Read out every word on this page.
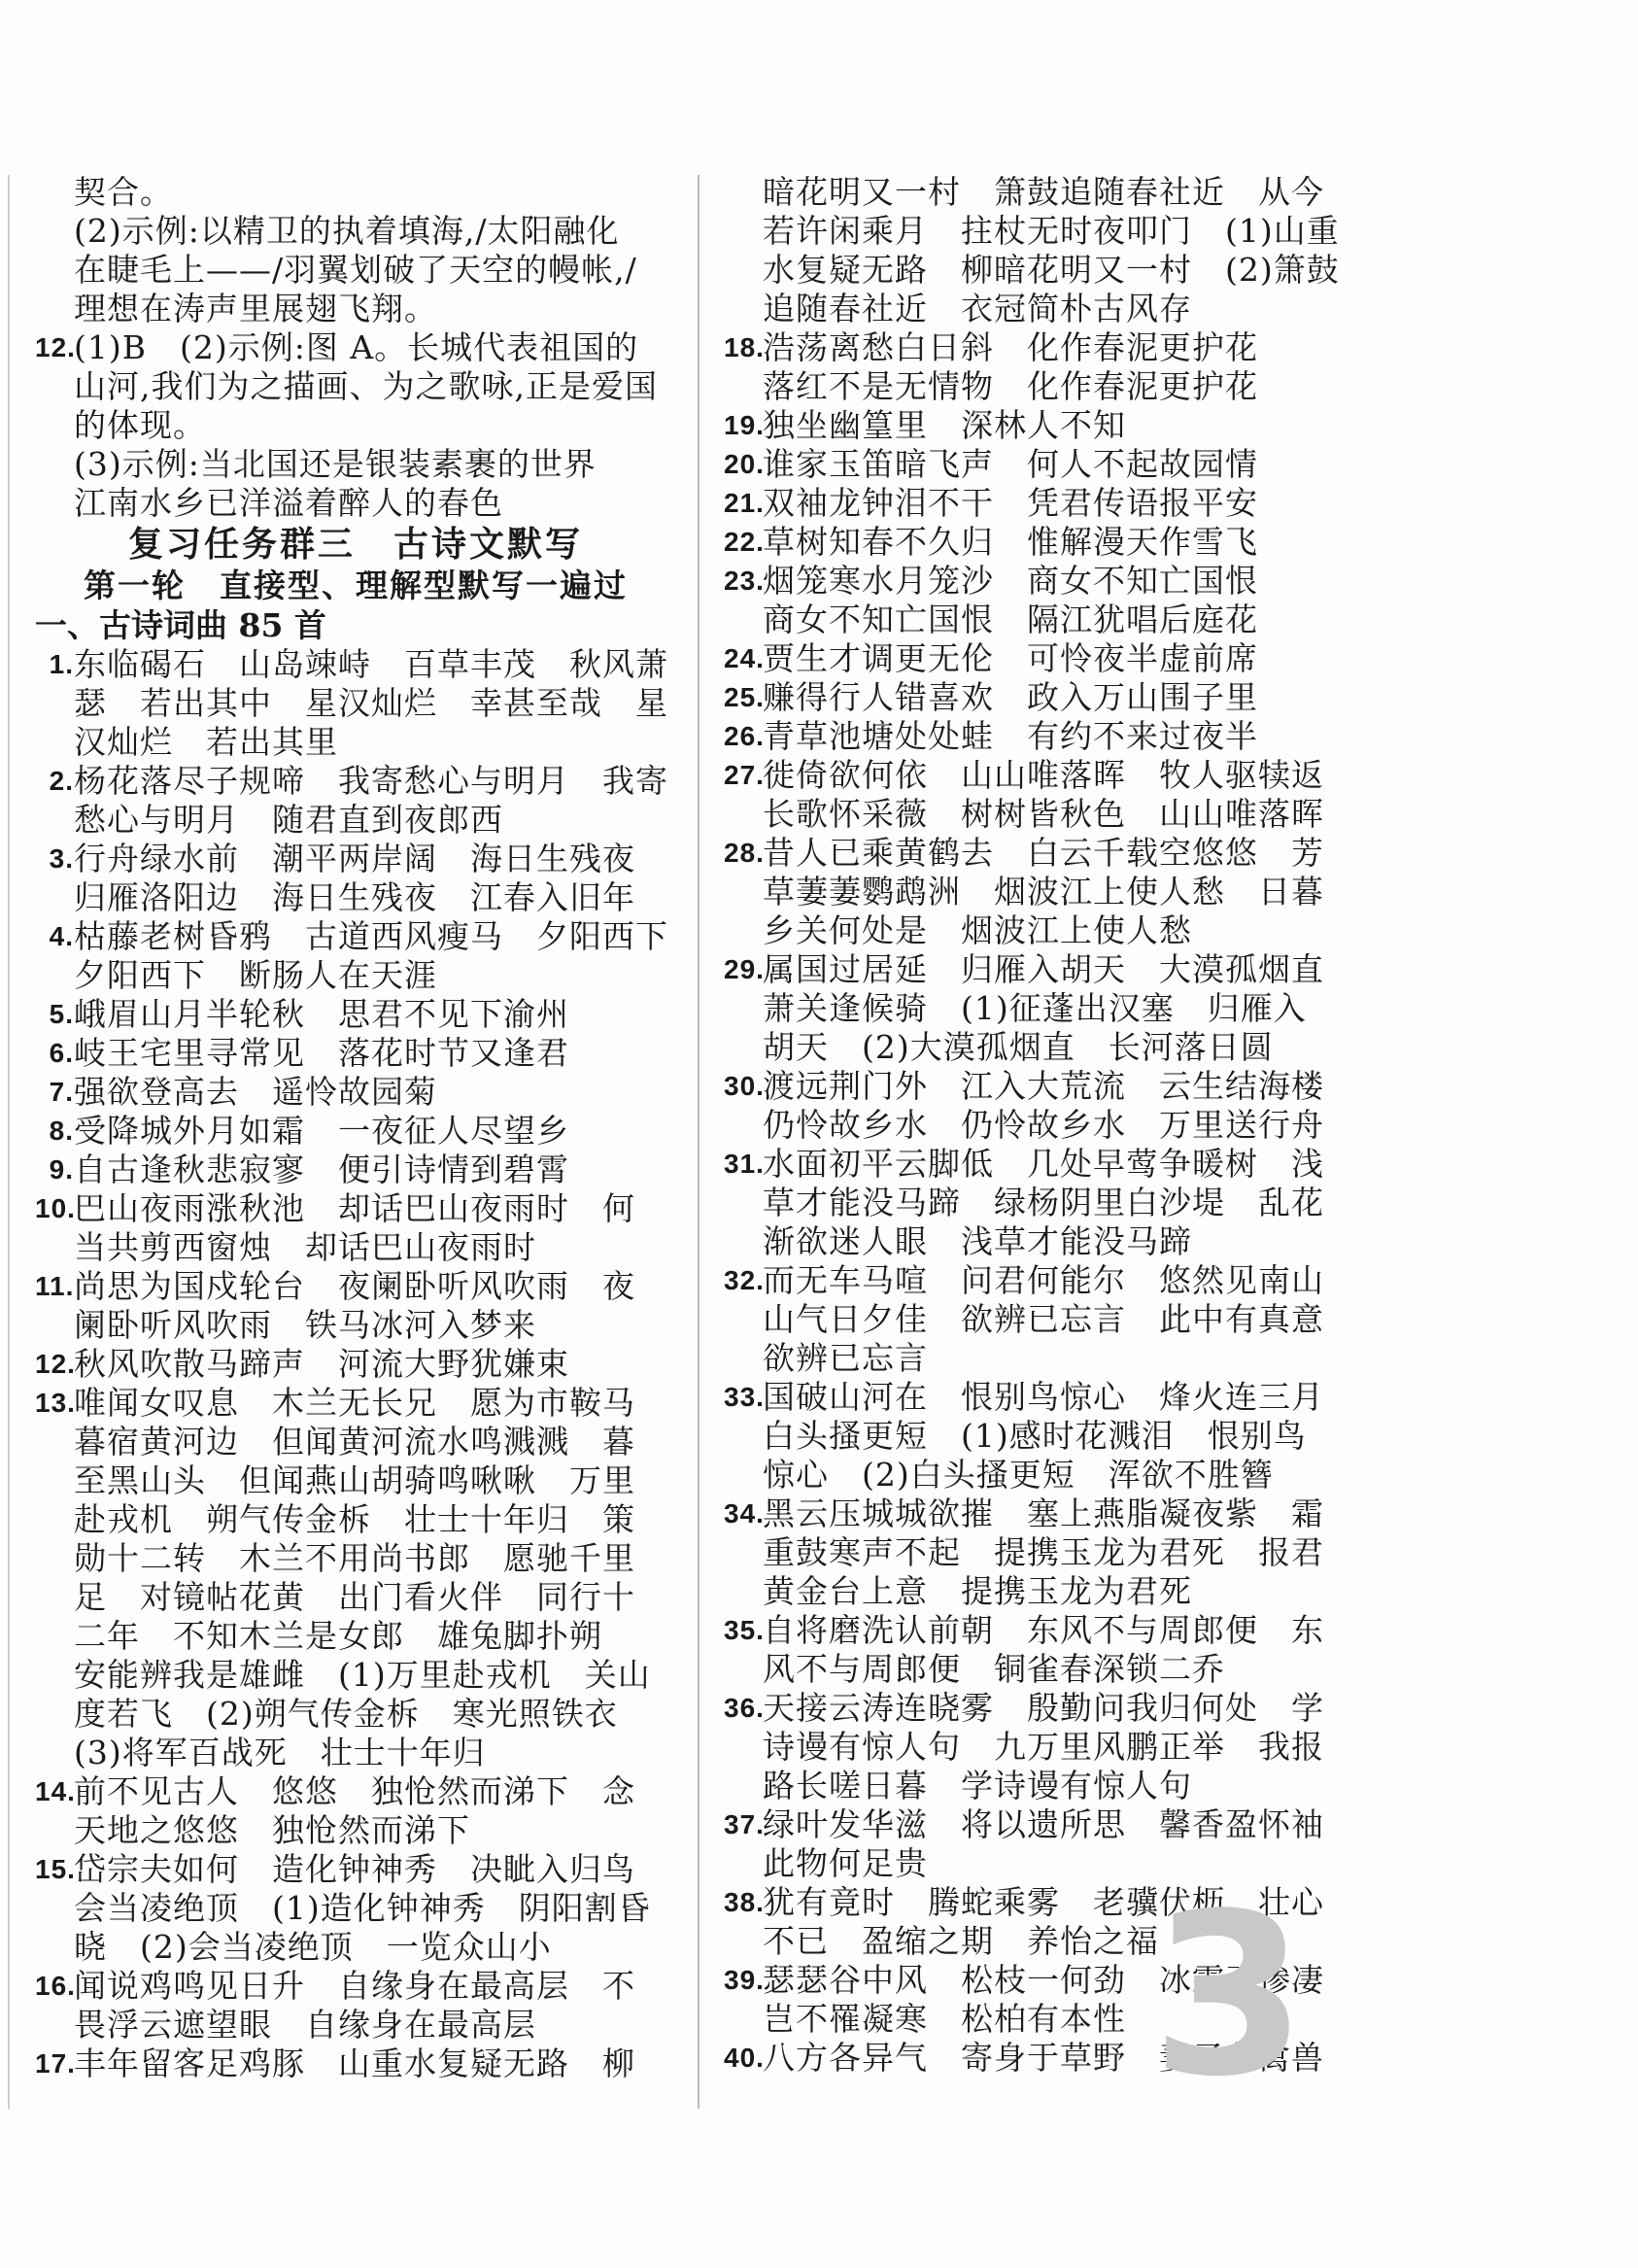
契合。
(2)示例:以精卫的执着填海,/太阳融化
在睫毛上——/羽翼划破了天空的幔帐,/
理想在涛声里展翅飞翔。
12.
(1)B　(2)示例:图 A。长城代表祖国的
山河,我们为之描画、为之歌咏,正是爱国
的体现。
(3)示例:当北国还是银装素裹的世界
江南水乡已洋溢着醉人的春色
复习任务群三　古诗文默写
第一轮　直接型、理解型默写一遍过
一、古诗词曲 85 首
1. 东临碣石　山岛竦峙　百草丰茂　秋风萧
瑟　若出其中　星汉灿烂　幸甚至哉　星
汉灿烂　若出其里
2. 杨花落尽子规啼　我寄愁心与明月　我寄
愁心与明月　随君直到夜郎西
3. 行舟绿水前　潮平两岸阔　海日生残夜
归雁洛阳边　海日生残夜　江春入旧年
4. 枯藤老树昏鸦　古道西风瘦马　夕阳西下
夕阳西下　断肠人在天涯
5. 峨眉山月半轮秋　思君不见下渝州
6. 岐王宅里寻常见　落花时节又逢君
7. 强欲登高去　遥怜故园菊
8. 受降城外月如霜　一夜征人尽望乡
9. 自古逢秋悲寂寥　便引诗情到碧霄
10.
巴山夜雨涨秋池　却话巴山夜雨时　何
当共剪西窗烛　却话巴山夜雨时
11. 尚思为国戍轮台　夜阑卧听风吹雨　夜
阑卧听风吹雨　铁马冰河入梦来
12.
秋风吹散马蹄声　河流大野犹嫌束
13.
唯闻女叹息　木兰无长兄　愿为市鞍马
暮宿黄河边　但闻黄河流水鸣溅溅　暮
至黑山头　但闻燕山胡骑鸣啾啾　万里
赴戎机　朔气传金柝　壮士十年归　策
勋十二转　木兰不用尚书郎　愿驰千里
足　对镜帖花黄　出门看火伴　同行十
二年　不知木兰是女郎　雄兔脚扑朔
安能辨我是雄雌　(1)万里赴戎机　关山
度若飞　(2)朔气传金柝　寒光照铁衣
(3)将军百战死　壮士十年归
14.
前不见古人　悠悠　独怆然而涕下　念
天地之悠悠　独怆然而涕下
15.
岱宗夫如何　造化钟神秀　决眦入归鸟
会当凌绝顶　(1)造化钟神秀　阴阳割昏
晓　(2)会当凌绝顶　一览众山小
16.
闻说鸡鸣见日升　自缘身在最高层　不
畏浮云遮望眼　自缘身在最高层
17.
丰年留客足鸡豚　山重水复疑无路　柳
暗花明又一村　箫鼓追随春社近　从今
若许闲乘月　拄杖无时夜叩门　(1)山重
水复疑无路　柳暗花明又一村　(2)箫鼓
追随春社近　衣冠简朴古风存
18.
浩荡离愁白日斜　化作春泥更护花
落红不是无情物　化作春泥更护花
19.
独坐幽篁里　深林人不知
20.
谁家玉笛暗飞声　何人不起故园情
21.
双袖龙钟泪不干　凭君传语报平安
22.
草树知春不久归　惟解漫天作雪飞
23.
烟笼寒水月笼沙　商女不知亡国恨
商女不知亡国恨　隔江犹唱后庭花
24.
贾生才调更无伦　可怜夜半虚前席
25.
赚得行人错喜欢　政入万山围子里
26.
青草池塘处处蛙　有约不来过夜半
27.
徙倚欲何依　山山唯落晖　牧人驱犊返
长歌怀采薇　树树皆秋色　山山唯落晖
28.
昔人已乘黄鹤去　白云千载空悠悠　芳
草萋萋鹦鹉洲　烟波江上使人愁　日暮
乡关何处是　烟波江上使人愁
29.
属国过居延　归雁入胡天　大漠孤烟直
萧关逢候骑　(1)征蓬出汉塞　归雁入
胡天　(2)大漠孤烟直　长河落日圆
30.
渡远荆门外　江入大荒流　云生结海楼
仍怜故乡水　仍怜故乡水　万里送行舟
31.
水面初平云脚低　几处早莺争暖树　浅
草才能没马蹄　绿杨阴里白沙堤　乱花
渐欲迷人眼　浅草才能没马蹄
32.
而无车马喧　问君何能尔　悠然见南山
山气日夕佳　欲辨已忘言　此中有真意
欲辨已忘言
33.
国破山河在　恨别鸟惊心　烽火连三月
白头搔更短　(1)感时花溅泪　恨别鸟
惊心　(2)白头搔更短　浑欲不胜簪
34.
黑云压城城欲摧　塞上燕脂凝夜紫　霜
重鼓寒声不起　提携玉龙为君死　报君
黄金台上意　提携玉龙为君死
35.
自将磨洗认前朝　东风不与周郎便　东
风不与周郎便　铜雀春深锁二乔
36.
天接云涛连晓雾　殷勤问我归何处　学
诗谩有惊人句　九万里风鹏正举　我报
路长嗟日暮　学诗谩有惊人句
37.
绿叶发华滋　将以遗所思　馨香盈怀袖
此物何足贵
38.
犹有竟时　腾蛇乘雾　老骥伏枥　壮心
不已　盈缩之期　养怡之福
39.
瑟瑟谷中风　松枝一何劲　冰霜正惨凄
岂不罹凝寒　松柏有本性
40.
八方各异气　寄身于草野　妻子象禽兽
3
